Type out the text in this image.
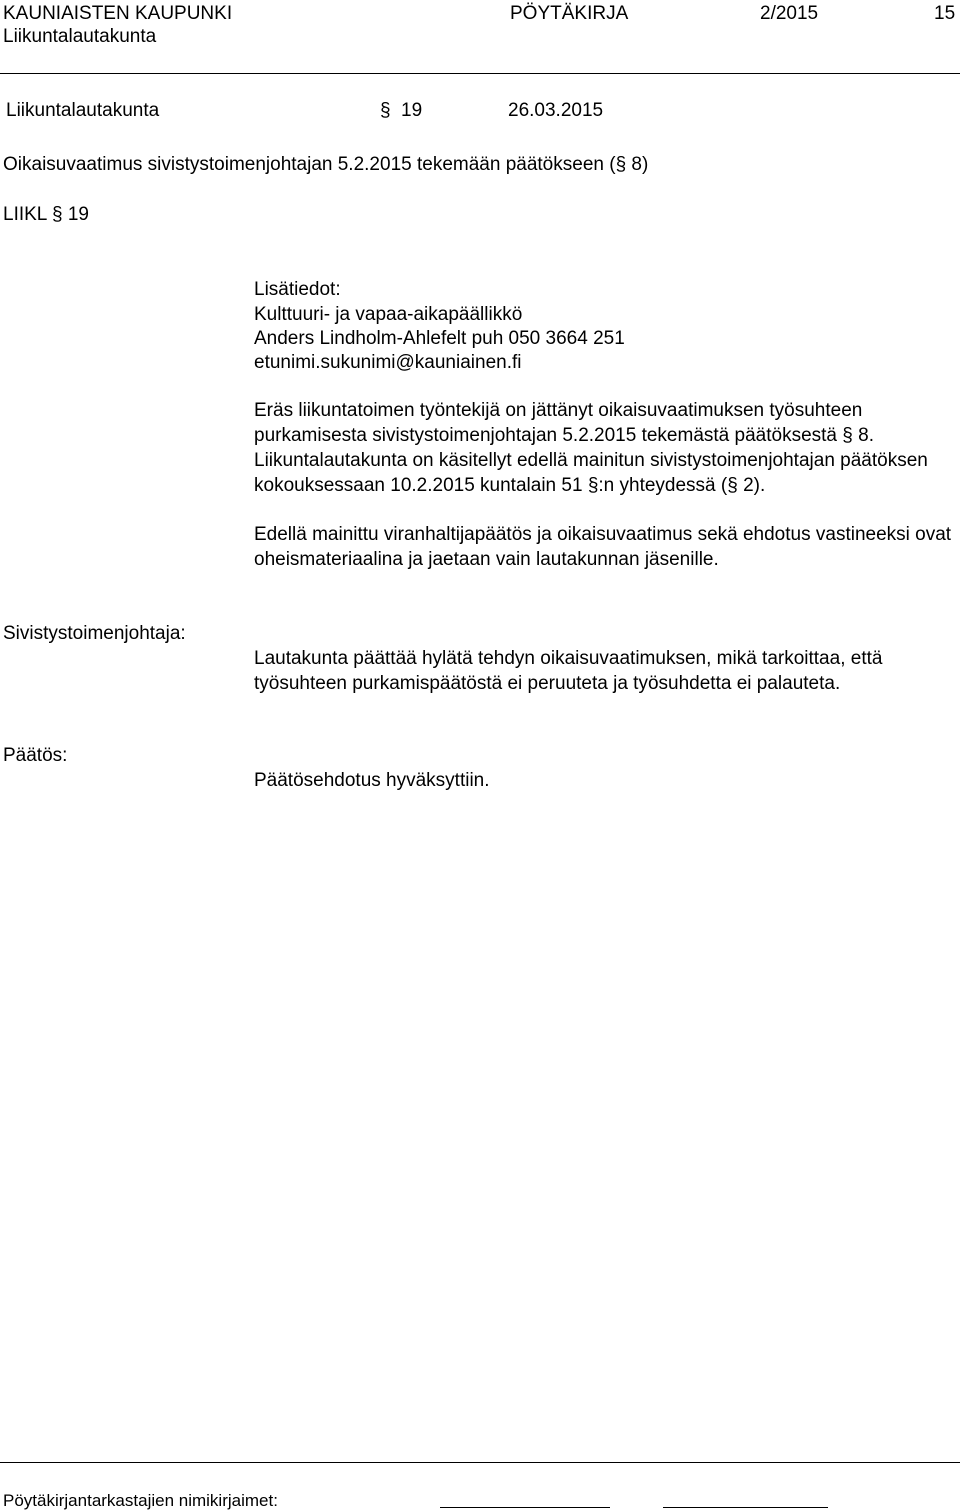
KAUNIAISTEN KAUPUNKI	PÖYTÄKIRJA	2/2015	15
Liikuntalautakunta
Liikuntalautakunta	§ 19	26.03.2015
Oikaisuvaatimus sivistystoimenjohtajan 5.2.2015 tekemään päätökseen (§ 8)
LIIKL § 19
Lisätiedot:
Kulttuuri- ja vapaa-aikapäällikkö
Anders Lindholm-Ahlefelt puh 050 3664 251
etunimi.sukunimi@kauniainen.fi
Eräs liikuntatoimen työntekijä on jättänyt oikaisuvaatimuksen työsuhteen purkamisesta sivistystoimenjohtajan 5.2.2015 tekemästä päätöksestä § 8. Liikuntalautakunta on käsitellyt edellä mainitun sivistystoimenjohtajan päätöksen kokouksessaan 10.2.2015 kuntalain 51 §:n yhteydessä (§ 2).
Edellä mainittu viranhaltijapäätös ja oikaisuvaatimus sekä ehdotus vastineeksi ovat oheismateriaalina ja jaetaan vain lautakunnan jäsenille.
Sivistystoimenjohtaja:
Lautakunta päättää hylätä tehdyn oikaisuvaatimuksen, mikä tarkoittaa, että työsuhteen purkamispäätöstä ei peruuteta ja työsuhdetta ei palauteta.
Päätös:
Päätösehdotus hyväksyttiin.
Pöytäkirjantarkastajien nimikirjaimet:
